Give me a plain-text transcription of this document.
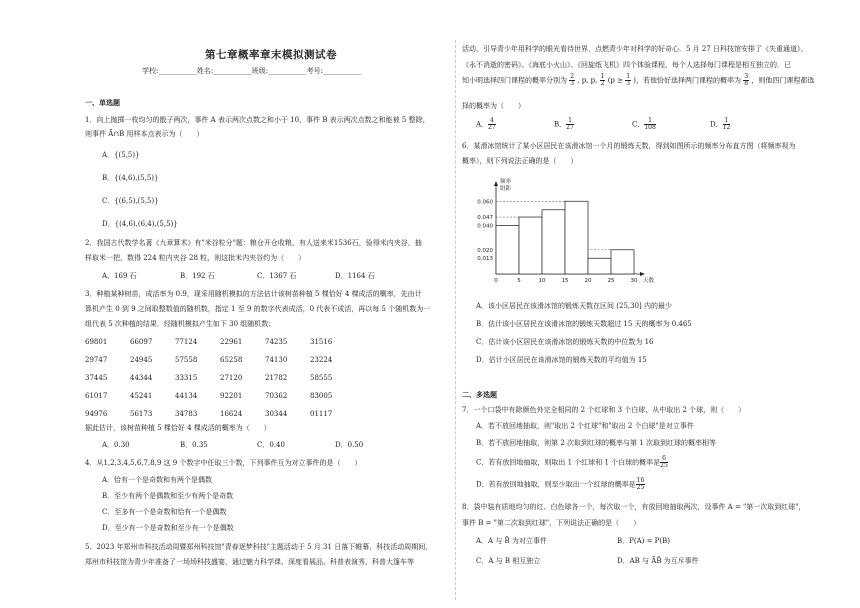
第七章概率章末模拟测试卷
学校:___________姓名:___________班级:___________考号:___________
一、单选题
1．向上抛掷一枚均匀的骰子两次，事件 A 表示两次点数之和小于 10，事件 B 表示两次点数之和能被 5 整除，
则事件 Ā∩B 用样本点表示为（　　）
A．{(5,5)}
B．{(4,6),(5,5)}
C．{(6,5),(5,5)}
D．{(4,6),(6,4),(5,5)}
2．我国古代数学名著《九章算术》有"米谷粒分"题：粮仓开仓收粮，有人送来米1536石，验得米内夹谷，抽
样取米一把，数得 224 粒内夹谷 28 粒，则这批米内夹谷约为（　　）
A．169 石	B．192 石	C．1367 石	D．1164 石
3．种植某种树苗，成活率为 0.9，现采用随机模拟的方法估计该树苗种植 5 棵恰好 4 棵成活的概率，先由计
算机产生 0 到 9 之间取整数值的随机数，指定 1 至 9 的数字代表成活，0 代表不成活，再以每 5 个随机数为一
组代表 5 次种植的结果．经随机模拟产生如下 30 组随机数：
69801	66097	77124	22961	74235	31516
29747	24945	57558	65258	74130	23224
37445	44344	33315	27120	21782	58555
61017	45241	44134	92201	70362	83005
94976	56173	34783	16624	30344	01117
据此估计，该树苗种植 5 棵恰好 4 棵成活的概率为（　　）
A．0.30	B．0.35	C．0.40	D．0.50
4．从1,2,3,4,5,6,7,8,9 这 9 个数字中任取三个数，下列事件互为对立事件的是（　　）
A．恰有一个是奇数和有两个是偶数
B．至少有两个是偶数和至少有两个是奇数
C．至多有一个是奇数和恰有一个是偶数
D．至少有一个是奇数和至少有一个是偶数
5．2023 年郑州市科技活动周暨郑州科技馆"青春逐梦科技"主题活动于 5 月 31 日落下帷幕，科技活动周期间，
郑州市科技馆为青少年准备了一场场科技盛宴，通过魅力科学课、深度看展品、科普表演秀、科普大篷车等
活动，引导青少年用科学的眼光看待世界，点燃青少年对科学的好奇心．5 月 27 日科技馆安排了《失重通道》、
《永不消逝的密码》、《海底小火山》、《回旋纸飞机》四个体验课程，每个人选择每门课程是相互独立的．已
知小明选择四门课程的概率分别为 $\frac{2}{3}$ , p, p, $\frac{1}{2} (p \ge \frac{1}{3}$ )，若他恰好选择两门课程的概率为 $\frac{3}{8}$ ，则他四门课程都选
择的概率为（　　）
A． $\frac{4}{27}$	B． $\frac{1}{27}$	C． $\frac{1}{108}$	D． $\frac{1}{12}$
6．某滑冰馆统计了某小区居民在该滑冰馆一个月的锻炼天数，得到如图所示的频率分布直方图（将频率视为
概率），则下列说法正确的是（　　）
A．该小区居民在该滑冰馆的锻炼天数在区间 (25,30] 内的最少
B．估计该小区居民在该滑冰馆的锻炼天数超过 15 天的概率为 0.465
C．估计该小区居民在该滑冰馆的锻炼天数的中位数为 16
D．估计小区居民在该滑冰馆的锻炼天数的平均值为 15
二、多选题
7．一个口袋中有除颜色外完全相同的 2 个红球和 3 个白球，从中取出 2 个球，则（　　）
A．若不放回地抽取，则"取出 2 个红球"和"取出 2 个白球"是对立事件
B．若不放回地抽取，则第 2 次取到红球的概率与第 1 次取到红球的概率相等
C．若有放回地抽取，则取出 1 个红球和 1 个白球的概率是 $\frac{6}{25}$
D．若有放回地抽取，则至少取出一个红球的概率是 $\frac{16}{25}$
8．袋中装有质地均匀的红、白色球各一个，每次取一个，有放回地抽取两次，设事件 A = "第一次取到红球"，
事件 B = "第二次取到红球"，下列说法正确的是（　　）
A．A 与 B̄ 为对立事件	B．P(A) = P(B)
C．A 与 B 相互独立	D．AB 与 ĀB̄ 为互斥事件
0.060
0.047
0.040
0.020
0.013
0	5	10	15	20	25	30 天数
频率
组距
